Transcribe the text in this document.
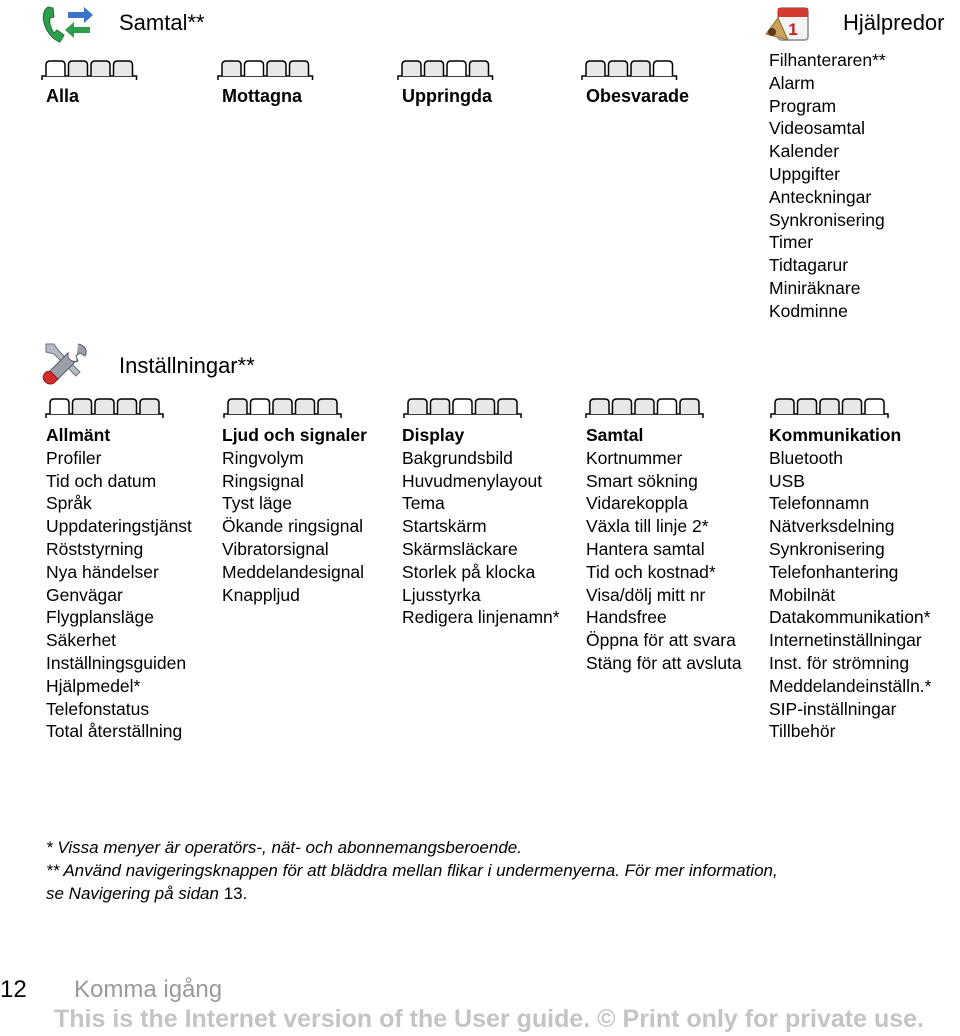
Samtal**
Alla	Mottagna	Uppringda	Obesvarade
1 Hjälpredor
Filhanteraren**
Alarm
Program
Videosamtal
Kalender
Uppgifter
Anteckningar
Synkronisering
Timer
Tidtagarur
Miniräknare
Kodminne
Inställningar**
Allmänt
Profiler
Tid och datum
Språk
Uppdateringstjänst
Röststyrning
Nya händelser
Genvägar
Flygplansläge
Säkerhet
Inställningsguiden
Hjälpmedel*
Telefonstatus
Total återställning
Ljud och signaler
Ringvolym
Ringsignal
Tyst läge
Ökande ringsignal
Vibratorsignal
Meddelandesignal
Knappljud
Display
Bakgrundsbild
Huvudmenylayout
Tema
Startskärm
Skärmsläckare
Storlek på klocka
Ljusstyrka
Redigera linjenamn*
Samtal
Kortnummer
Smart sökning
Vidarekoppla
Växla till linje 2*
Hantera samtal
Tid och kostnad*
Visa/dölj mitt nr
Handsfree
Öppna för att svara
Stäng för att avsluta
Kommunikation
Bluetooth
USB
Telefonnamn
Nätverksdelning
Synkronisering
Telefonhantering
Mobilnät
Datakommunikation*
Internetinställningar
Inst. för strömning
Meddelandeinställn.*
SIP-inställningar
Tillbehör
* Vissa menyer är operatörs-, nät- och abonnemangsberoende.
** Använd navigeringsknappen för att bläddra mellan flikar i undermenyerna. För mer information,
se Navigering på sidan 13.
12 Komma igång
This is the Internet version of the User guide. © Print only for private use.
